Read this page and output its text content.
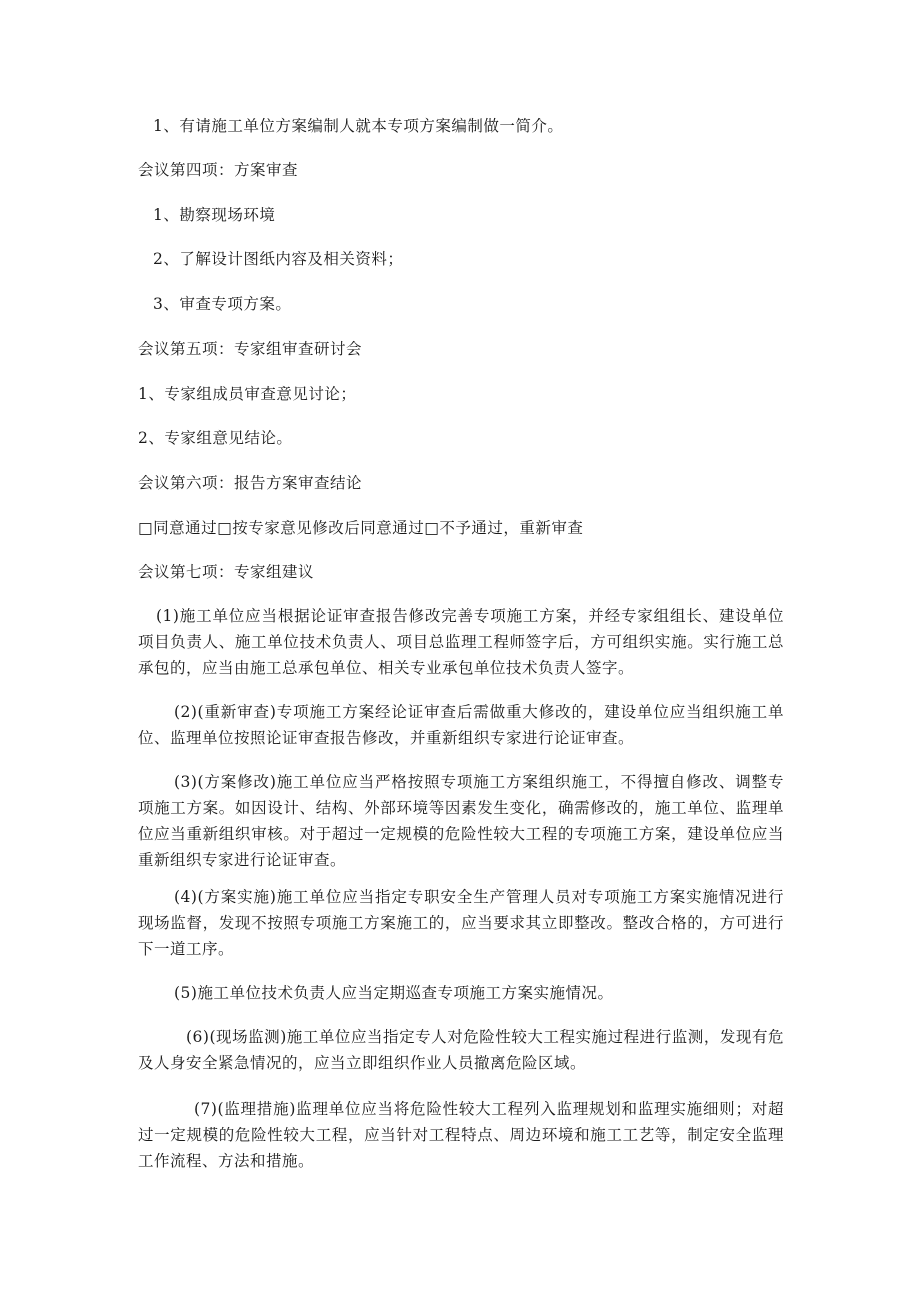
1、有请施工单位方案编制人就本专项方案编制做一简介。
会议第四项：方案审查
1、勘察现场环境
2、了解设计图纸内容及相关资料；
3、审查专项方案。
会议第五项：专家组审查研讨会
1、专家组成员审查意见讨论；
2、专家组意见结论。
会议第六项：报告方案审查结论
□同意通过□按专家意见修改后同意通过□不予通过，重新审查
会议第七项：专家组建议
(1)施工单位应当根据论证审查报告修改完善专项施工方案，并经专家组组长、建设单位项目负责人、施工单位技术负责人、项目总监理工程师签字后，方可组织实施。实行施工总承包的，应当由施工总承包单位、相关专业承包单位技术负责人签字。
(2)(重新审查)专项施工方案经论证审查后需做重大修改的，建设单位应当组织施工单位、监理单位按照论证审查报告修改，并重新组织专家进行论证审查。
(3)(方案修改)施工单位应当严格按照专项施工方案组织施工，不得擅自修改、调整专项施工方案。如因设计、结构、外部环境等因素发生变化，确需修改的，施工单位、监理单位应当重新组织审核。对于超过一定规模的危险性较大工程的专项施工方案，建设单位应当重新组织专家进行论证审查。
(4)(方案实施)施工单位应当指定专职安全生产管理人员对专项施工方案实施情况进行现场监督，发现不按照专项施工方案施工的，应当要求其立即整改。整改合格的，方可进行下一道工序。
(5)施工单位技术负责人应当定期巡查专项施工方案实施情况。
(6)(现场监测)施工单位应当指定专人对危险性较大工程实施过程进行监测，发现有危及人身安全紧急情况的，应当立即组织作业人员撤离危险区域。
(7)(监理措施)监理单位应当将危险性较大工程列入监理规划和监理实施细则；对超过一定规模的危险性较大工程，应当针对工程特点、周边环境和施工工艺等，制定安全监理工作流程、方法和措施。
